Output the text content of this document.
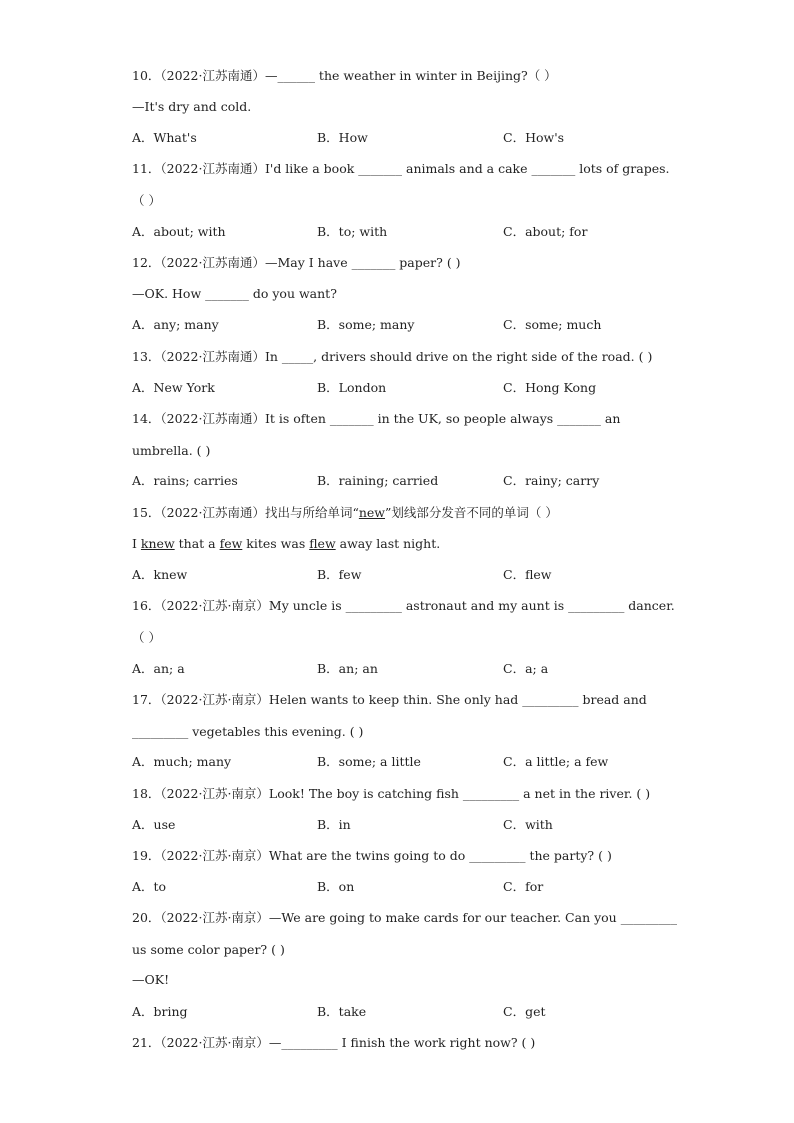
10．（2022·江苏南通）—______ the weather in winter in Beijing?（ ）
—It's dry and cold.
A．What's	B．How	C．How's
11．（2022·江苏南通）I'd like a book _______ animals and a cake _______ lots of grapes.
（ ）
A．about; with	B．to; with	C．about; for
12．（2022·江苏南通）—May I have _______ paper? ( )
—OK. How _______ do you want?
A．any; many	B．some; many	C．some; much
13．（2022·江苏南通）In _____, drivers should drive on the right side of the road. ( )
A．New York	B．London	C．Hong Kong
14．（2022·江苏南通）It is often _______ in the UK, so people always _______ an
umbrella. ( )
A．rains; carries	B．raining; carried	C．rainy; carry
15．（2022·江苏南通）找出与所给单词“new”划线部分发音不同的单词（ ）
I knew that a few kites was flew away last night.
A．knew	B．few	C．flew
16．（2022·江苏·南京）My uncle is _________ astronaut and my aunt is _________ dancer.
（ ）
A．an; a	B．an; an	C．a; a
17．（2022·江苏·南京）Helen wants to keep thin. She only had _________ bread and
_________ vegetables this evening. ( )
A．much; many	B．some; a little	C．a little; a few
18．（2022·江苏·南京）Look! The boy is catching fish _________ a net in the river. ( )
A．use	B．in	C．with
19．（2022·江苏·南京）What are the twins going to do _________ the party? ( )
A．to	B．on	C．for
20．（2022·江苏·南京）—We are going to make cards for our teacher. Can you _________
us some color paper? ( )
—OK!
A．bring	B．take	C．get
21．（2022·江苏·南京）—_________ I finish the work right now? ( )
